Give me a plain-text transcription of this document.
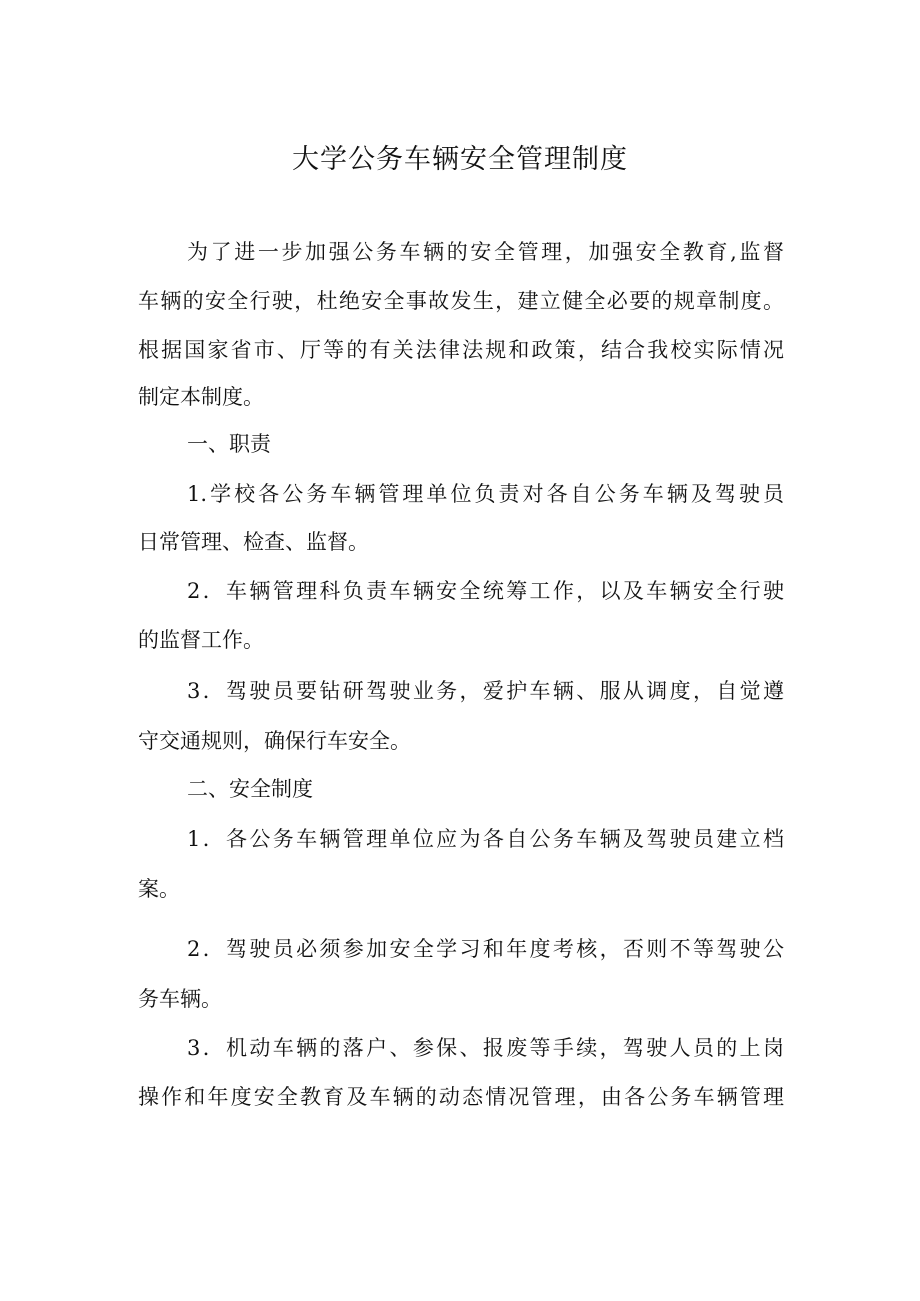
大学公务车辆安全管理制度
为了进一步加强公务车辆的安全管理，加强安全教育,监督
车辆的安全行驶，杜绝安全事故发生，建立健全必要的规章制度。
根据国家省市、厅等的有关法律法规和政策，结合我校实际情况
制定本制度。
一、职责
1.学校各公务车辆管理单位负责对各自公务车辆及驾驶员
日常管理、检查、监督。
2．车辆管理科负责车辆安全统筹工作，以及车辆安全行驶
的监督工作。
3．驾驶员要钻研驾驶业务，爱护车辆、服从调度，自觉遵
守交通规则，确保行车安全。
二、安全制度
1．各公务车辆管理单位应为各自公务车辆及驾驶员建立档
案。
2．驾驶员必须参加安全学习和年度考核，否则不等驾驶公
务车辆。
3．机动车辆的落户、参保、报废等手续，驾驶人员的上岗
操作和年度安全教育及车辆的动态情况管理，由各公务车辆管理
